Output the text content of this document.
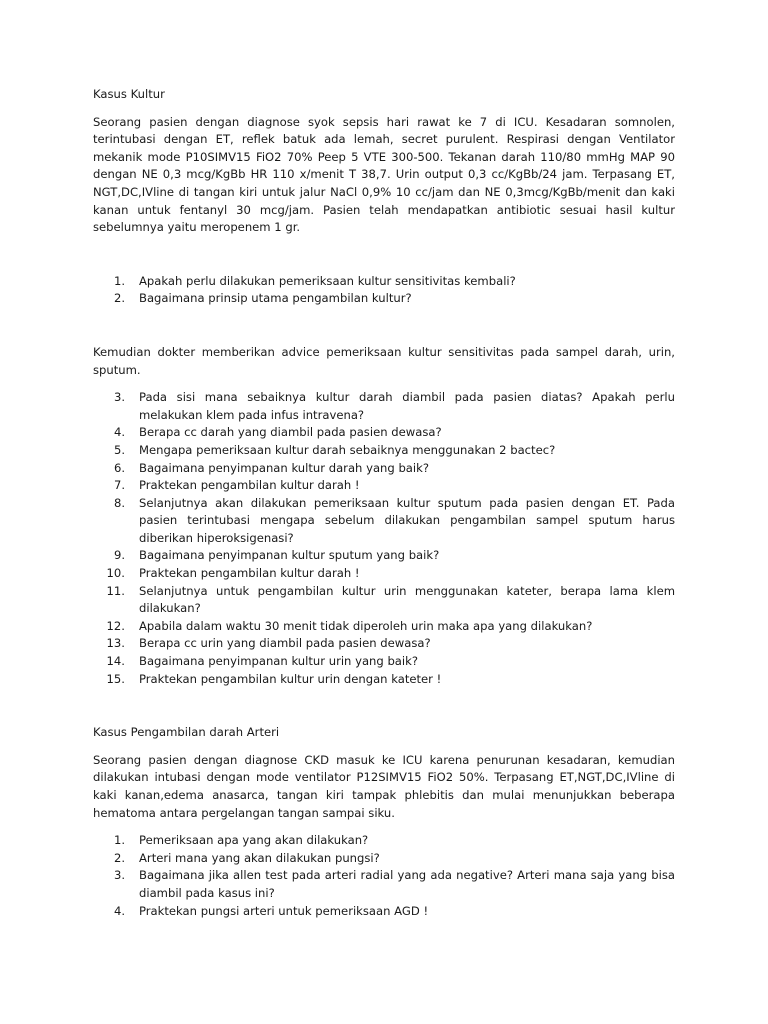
Kasus Kultur

Seorang pasien dengan diagnose syok sepsis hari rawat ke 7 di ICU. Kesadaran somnolen, terintubasi dengan ET, reflek batuk ada lemah, secret purulent. Respirasi dengan Ventilator mekanik mode P10SIMV15 FiO2 70% Peep 5 VTE 300-500. Tekanan darah 110/80 mmHg MAP 90 dengan NE 0,3 mcg/KgBb HR 110 x/menit T 38,7. Urin output 0,3 cc/KgBb/24 jam. Terpasang ET, NGT,DC,IVline di tangan kiri untuk jalur NaCl 0,9% 10 cc/jam dan NE 0,3mcg/KgBb/menit dan kaki kanan untuk fentanyl 30 mcg/jam. Pasien telah mendapatkan antibiotic sesuai hasil kultur sebelumnya yaitu meropenem 1 gr.

1. Apakah perlu dilakukan pemeriksaan kultur sensitivitas kembali?
2. Bagaimana prinsip utama pengambilan kultur?

Kemudian dokter memberikan advice pemeriksaan kultur sensitivitas pada sampel darah, urin, sputum.

3. Pada sisi mana sebaiknya kultur darah diambil pada pasien diatas? Apakah perlu melakukan klem pada infus intravena?
4. Berapa cc darah yang diambil pada pasien dewasa?
5. Mengapa pemeriksaan kultur darah sebaiknya menggunakan 2 bactec?
6. Bagaimana penyimpanan kultur darah yang baik?
7. Praktekan pengambilan kultur darah !
8. Selanjutnya akan dilakukan pemeriksaan kultur sputum pada pasien dengan ET. Pada pasien terintubasi mengapa sebelum dilakukan pengambilan sampel sputum harus diberikan hiperoksigenasi?
9. Bagaimana penyimpanan kultur sputum yang baik?
10. Praktekan pengambilan kultur darah !
11. Selanjutnya untuk pengambilan kultur urin menggunakan kateter, berapa lama klem dilakukan?
12. Apabila dalam waktu 30 menit tidak diperoleh urin maka apa yang dilakukan?
13. Berapa cc urin yang diambil pada pasien dewasa?
14. Bagaimana penyimpanan kultur urin yang baik?
15. Praktekan pengambilan kultur urin dengan kateter !

Kasus Pengambilan darah Arteri

Seorang pasien dengan diagnose CKD masuk ke ICU karena penurunan kesadaran, kemudian dilakukan intubasi dengan mode ventilator P12SIMV15 FiO2 50%. Terpasang ET,NGT,DC,IVline di kaki kanan,edema anasarca, tangan kiri tampak phlebitis dan mulai menunjukkan beberapa hematoma antara pergelangan tangan sampai siku.

1. Pemeriksaan apa yang akan dilakukan?
2. Arteri mana yang akan dilakukan pungsi?
3. Bagaimana jika allen test pada arteri radial yang ada negative? Arteri mana saja yang bisa diambil pada kasus ini?
4. Praktekan pungsi arteri untuk pemeriksaan AGD !
